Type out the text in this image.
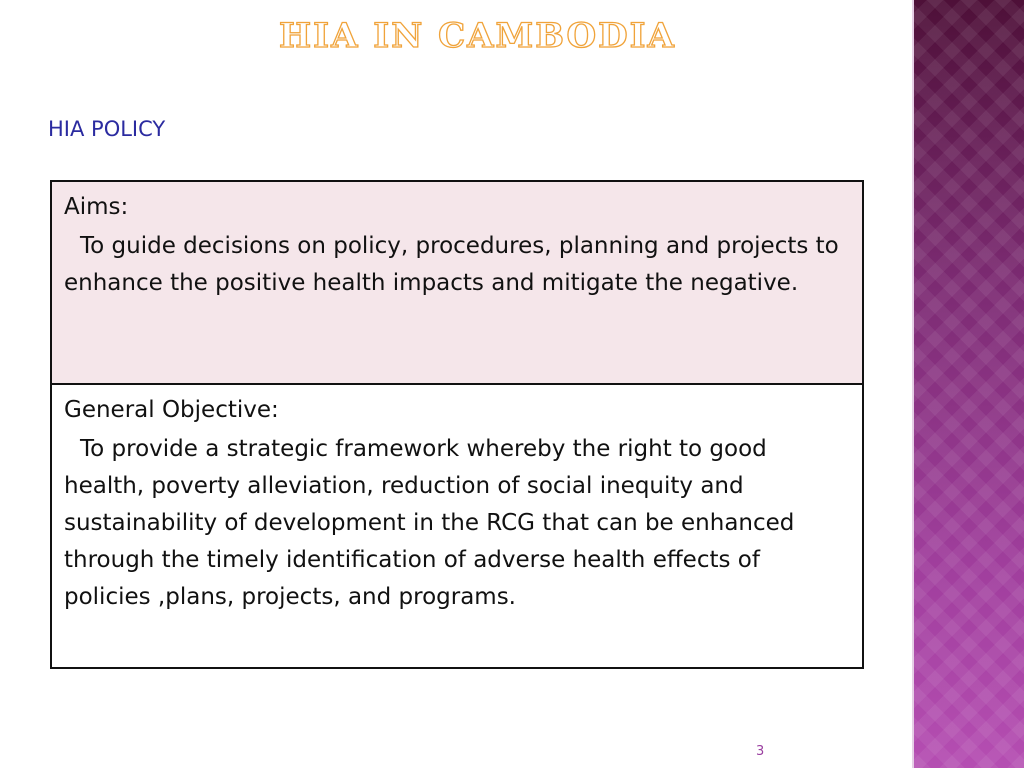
HIA IN CAMBODIA
HIA POLICY
Aims:

To guide decisions on policy, procedures, planning and projects to enhance the positive health impacts and mitigate the negative.

General Objective:

To provide a strategic framework whereby the right to good health, poverty alleviation, reduction of social inequity and sustainability of development in the RCG that can be enhanced through the timely identification of adverse health effects of policies ,plans, projects, and programs.

3
